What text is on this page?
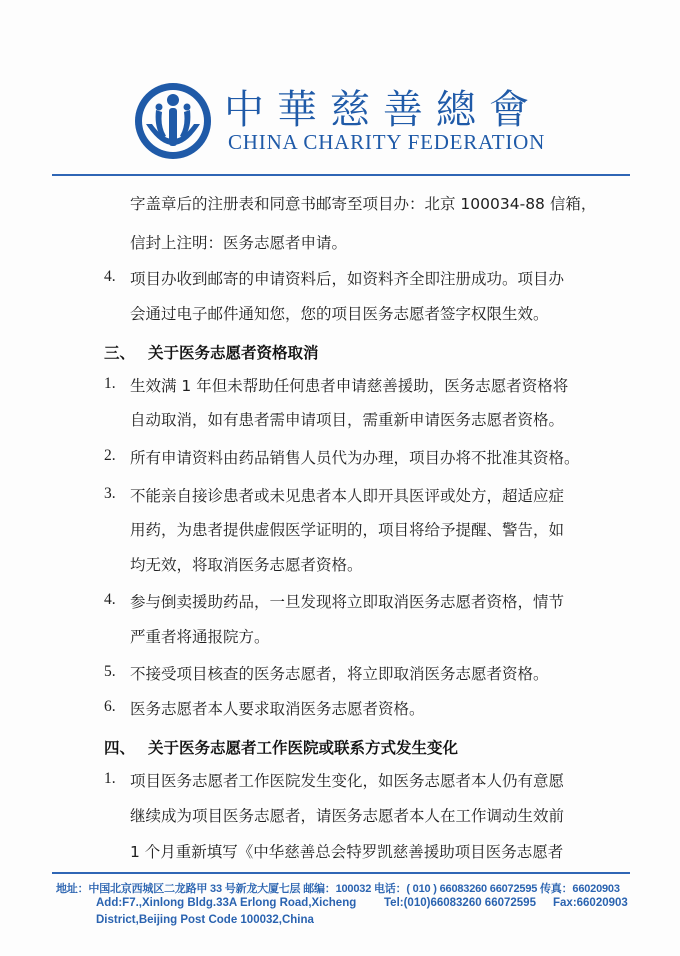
中華慈善總會
CHINA CHARITY FEDERATION
字盖章后的注册表和同意书邮寄至项目办：北京 100034-88 信箱，
信封上注明：医务志愿者申请。
4. 项目办收到邮寄的申请资料后，如资料齐全即注册成功。项目办
会通过电子邮件通知您，您的项目医务志愿者签字权限生效。
三、 关于医务志愿者资格取消
1. 生效满 1 年但未帮助任何患者申请慈善援助，医务志愿者资格将
自动取消，如有患者需申请项目，需重新申请医务志愿者资格。
2. 所有申请资料由药品销售人员代为办理，项目办将不批准其资格。
3. 不能亲自接诊患者或未见患者本人即开具医评或处方，超适应症
用药，为患者提供虚假医学证明的，项目将给予提醒、警告，如
均无效，将取消医务志愿者资格。
4. 参与倒卖援助药品，一旦发现将立即取消医务志愿者资格，情节
严重者将通报院方。
5. 不接受项目核查的医务志愿者，将立即取消医务志愿者资格。
6. 医务志愿者本人要求取消医务志愿者资格。
四、 关于医务志愿者工作医院或联系方式发生变化
1. 项目医务志愿者工作医院发生变化，如医务志愿者本人仍有意愿
继续成为项目医务志愿者，请医务志愿者本人在工作调动生效前
1 个月重新填写《中华慈善总会特罗凯慈善援助项目医务志愿者
地址：中国北京西城区二龙路甲 33 号新龙大厦七层 邮编：100032 电话：( 010 ) 66083260 66072595 传真：66020903
Add:F7.,Xinlong Bldg.33A Erlong Road,Xicheng Tel:(010)66083260 66072595 Fax:66020903
District,Beijing Post Code 100032,China
